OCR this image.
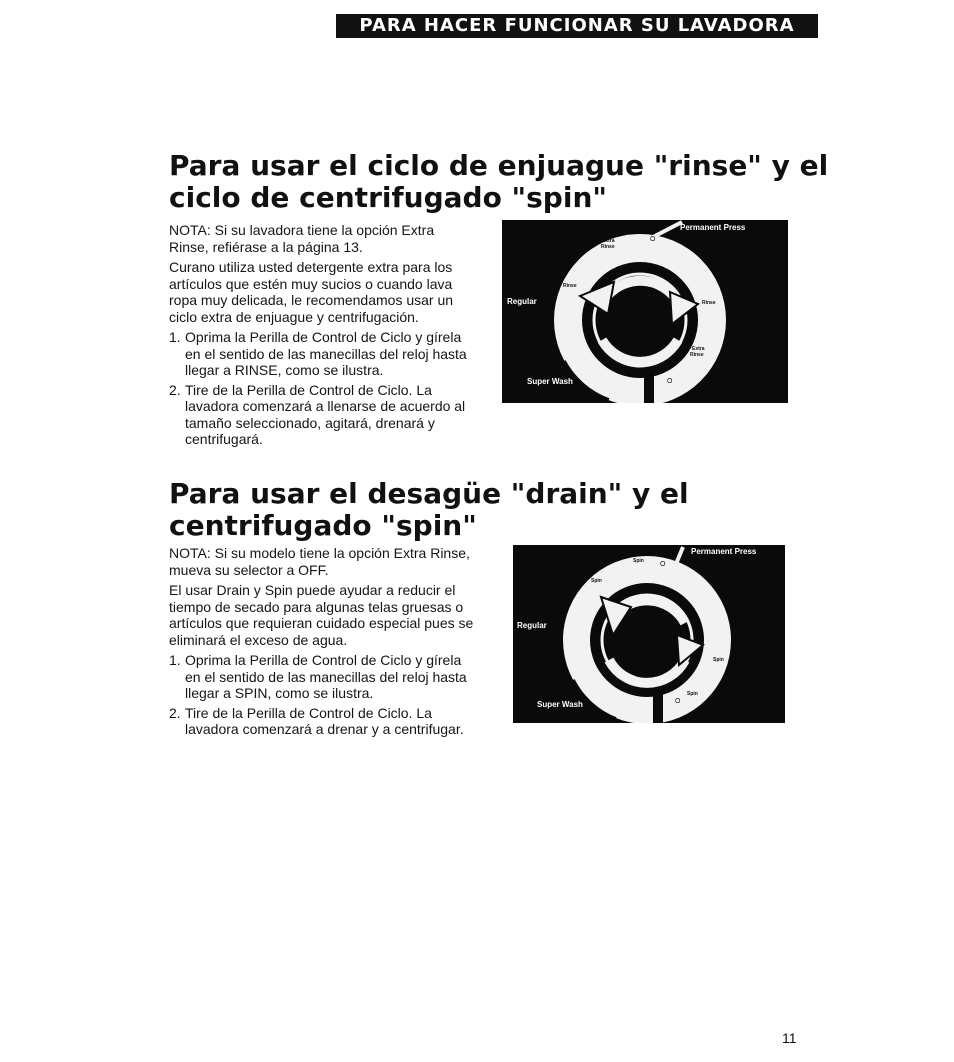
PARA HACER FUNCIONAR SU LAVADORA
Para usar el ciclo de enjuague "rinse" y el
ciclo de centrifugado "spin"

NOTA: Si su lavadora tiene la opción Extra Rinse, refiérase a la página 13.

Curano utiliza usted detergente extra para los artículos que estén muy sucios o cuando lava ropa muy delicada, le recomendamos usar un ciclo extra de enjuague y centrifugación.

1. Oprima la Perilla de Control de Ciclo y gírela en el sentido de las manecillas del reloj hasta llegar a RINSE, como se ilustra.
2. Tire de la Perilla de Control de Ciclo. La lavadora comenzará a llenarse de acuerdo al tamaño seleccionado, agitará, drenará y centrifugará.
Permanent Press
Regular
Super Wash
Extra
Rinse
Rinse
Rinse
Extra
Rinse
O
O
Para usar el desagüe "drain" y el
centrifugado "spin"

NOTA: Si su modelo tiene la opción Extra Rinse, mueva su selector a OFF.

El usar Drain y Spin puede ayudar a reducir el tiempo de secado para algunas telas gruesas o artículos que requieran cuidado especial pues se eliminará el exceso de agua.

1. Oprima la Perilla de Control de Ciclo y gírela en el sentido de las manecillas del reloj hasta llegar a SPIN, como se ilustra.
2. Tire de la Perilla de Control de Ciclo. La lavadora comenzará a drenar y a centrifugar.
Permanent Press
Regular
Super Wash
Spin
Spin
Spin
Spin
O
O
11
